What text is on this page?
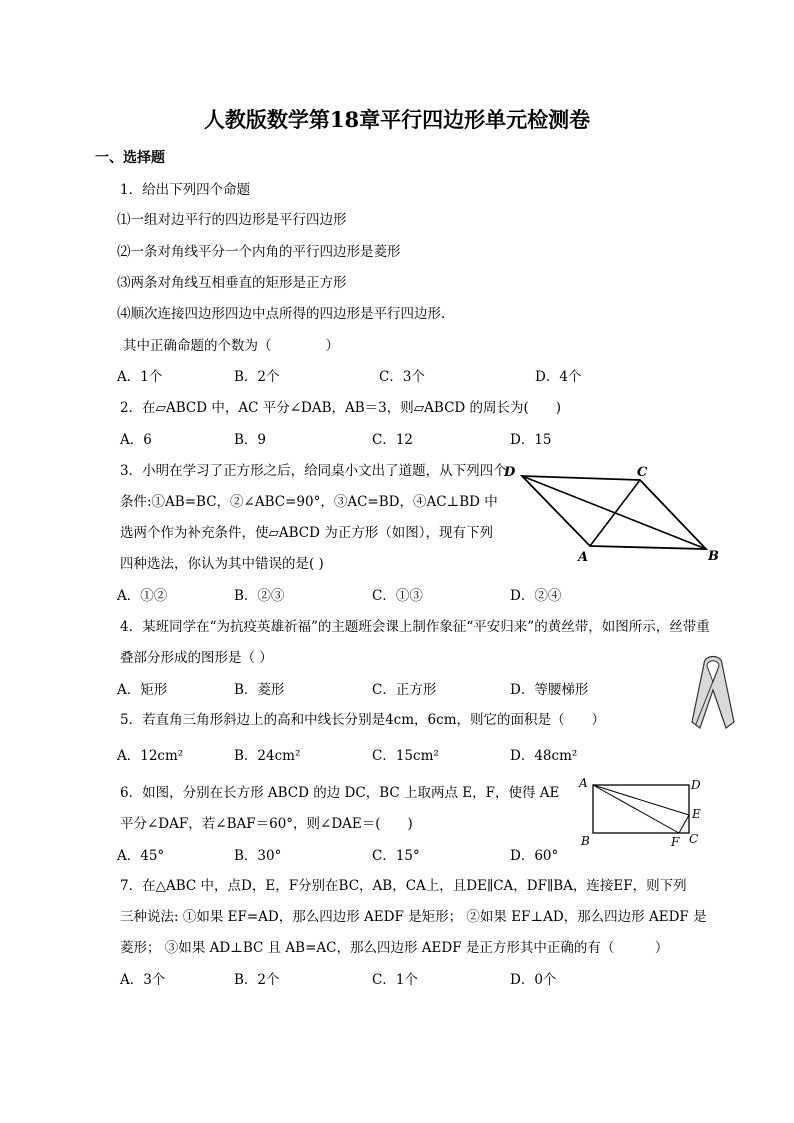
人教版数学第18章平行四边形单元检测卷
一、选择题
1．给出下列四个命题
⑴一组对边平行的四边形是平行四边形
⑵一条对角线平分一个内角的平行四边形是菱形
⑶两条对角线互相垂直的矩形是正方形
⑷顺次连接四边形四边中点所得的四边形是平行四边形.
其中正确命题的个数为（　　　　）
A．1个	B．2个	C．3个	D．4个
2．在▱ABCD 中，AC 平分∠DAB，AB＝3，则▱ABCD 的周长为(　　)
A．6	B．9	C．12	D．15
3．小明在学习了正方形之后，给同桌小文出了道题，从下列四个
条件:①AB=BC，②∠ABC=90°，③AC=BD，④AC⊥BD 中
选两个作为补充条件，使▱ABCD 为正方形（如图），现有下列
四种选法，你认为其中错误的是( )
A．①②	B．②③	C．①③	D．②④
D	C
A	B
4．某班同学在“为抗疫英雄祈福”的主题班会课上制作象征“平安归来”的黄丝带，如图所示，丝带重
叠部分形成的图形是（ ）
A．矩形	B．菱形	C．正方形	D．等腰梯形
5．若直角三角形斜边上的高和中线长分别是4cm，6cm，则它的面积是（　　）
A．12cm²	B．24cm²	C．15cm²	D．48cm²
6．如图，分别在长方形 ABCD 的边 DC，BC 上取两点 E，F，使得 AE
平分∠DAF，若∠BAF＝60°，则∠DAE＝(　　)
A．45°	B．30°	C．15°	D．60°
A	D
E
B	F C
7．在△ABC 中，点D，E，F分别在BC，AB，CA上，且DE∥CA，DF∥BA，连接EF，则下列
三种说法: ①如果 EF=AD，那么四边形 AEDF 是矩形； ②如果 EF⊥AD，那么四边形 AEDF 是
菱形； ③如果 AD⊥BC 且 AB=AC，那么四边形 AEDF 是正方形其中正确的有（　　　）
A．3个	B．2个	C．1个	D．0个
